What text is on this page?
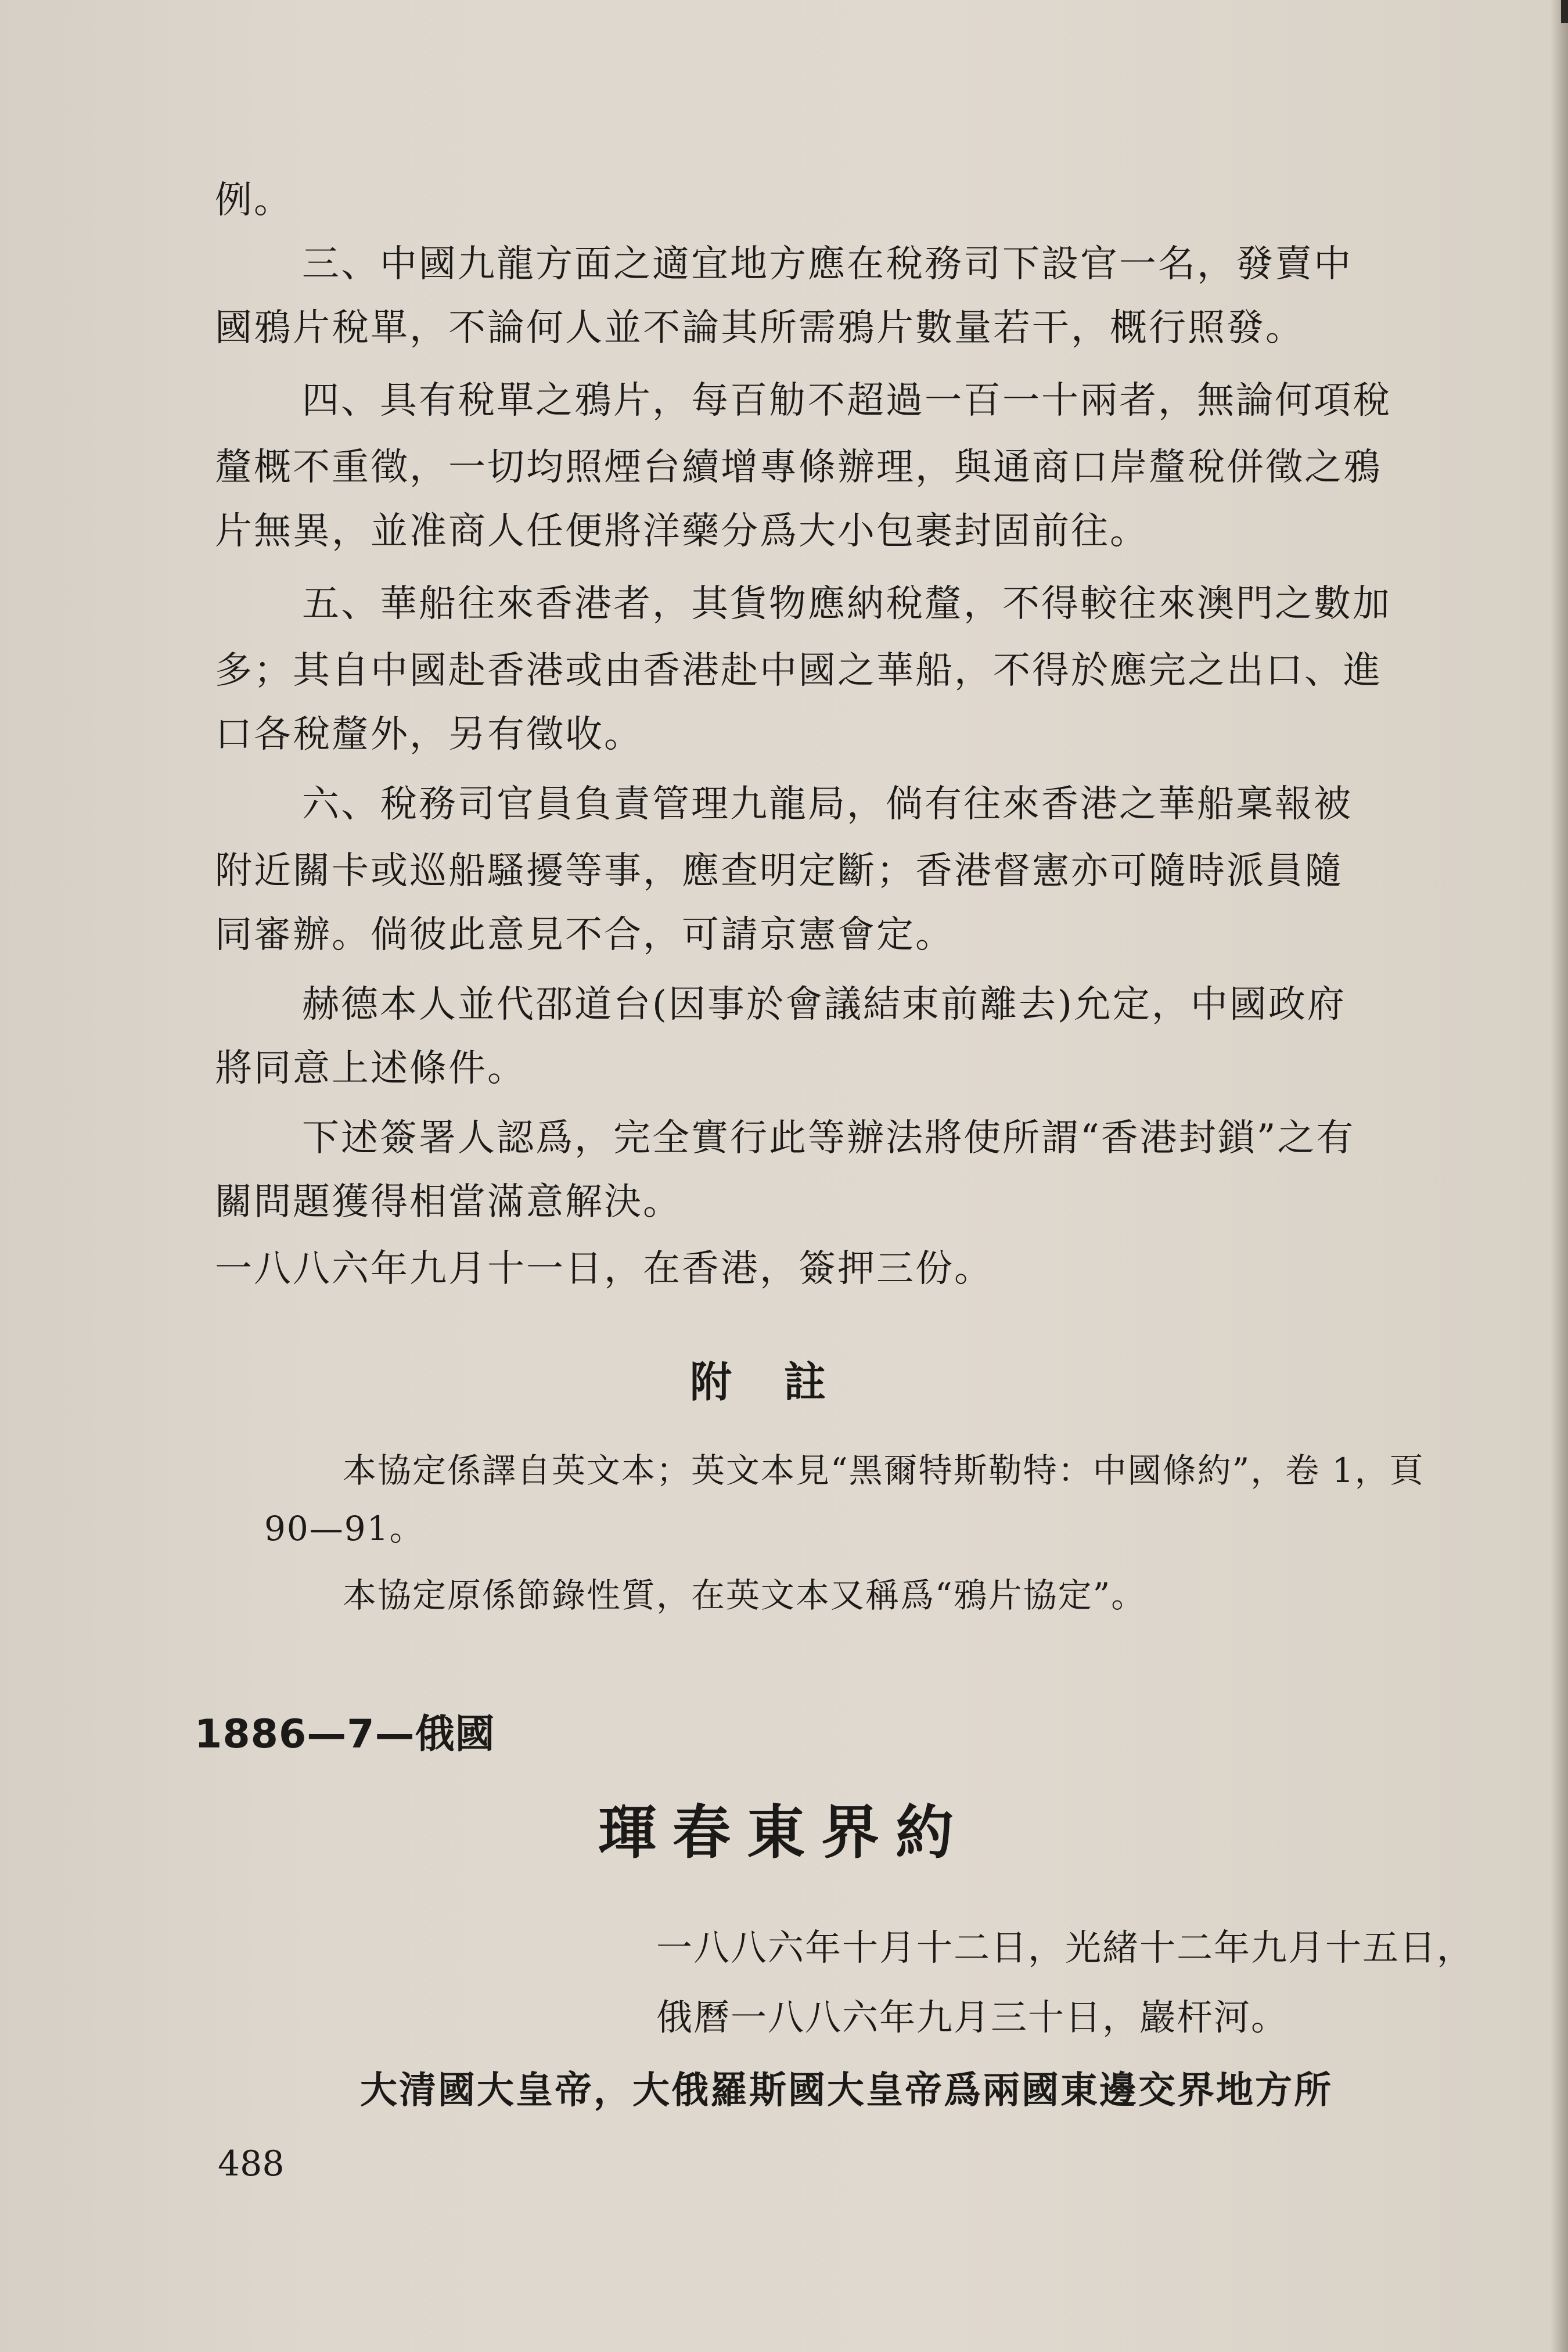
例。
三、中國九龍方面之適宜地方應在稅務司下設官一名，發賣中
國鴉片稅單，不論何人並不論其所需鴉片數量若干，概行照發。
四、具有稅單之鴉片，每百觔不超過一百一十兩者，無論何項稅
釐概不重徵，一切均照煙台續增專條辦理，與通商口岸釐稅併徵之鴉
片無異，並准商人任便將洋藥分爲大小包裹封固前往。
五、華船往來香港者，其貨物應納稅釐，不得較往來澳門之數加
多；其自中國赴香港或由香港赴中國之華船，不得於應完之出口、進
口各稅釐外，另有徵收。
六、稅務司官員負責管理九龍局，倘有往來香港之華船稟報被
附近關卡或巡船騷擾等事，應查明定斷；香港督憲亦可隨時派員隨
同審辦。倘彼此意見不合，可請京憲會定。
赫德本人並代邵道台(因事於會議結束前離去)允定，中國政府
將同意上述條件。
下述簽署人認爲，完全實行此等辦法將使所謂“香港封鎖”之有
關問題獲得相當滿意解決。
一八八六年九月十一日，在香港，簽押三份。
附註
本協定係譯自英文本；英文本見“黑爾特斯勒特：中國條約”，卷 1，頁
90—91。
本協定原係節錄性質，在英文本又稱爲“鴉片協定”。
1886—7—俄國
琿春東界約
一八八六年十月十二日，光緒十二年九月十五日，
俄曆一八八六年九月三十日，巖杆河。
大清國大皇帝，大俄羅斯國大皇帝爲兩國東邊交界地方所
488
